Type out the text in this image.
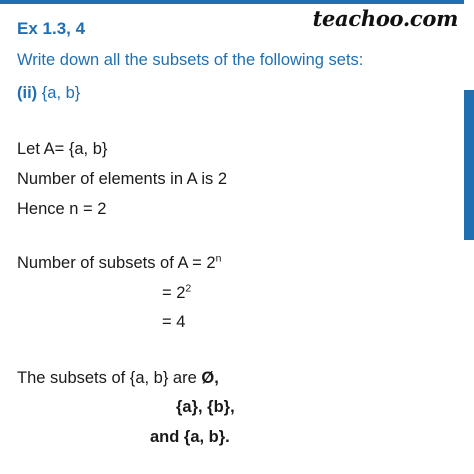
teachoo.com
Ex 1.3, 4
Write down all the subsets of the following sets:
(ii) {a, b}
Let A= {a, b}
Number of elements in A is 2
Hence n = 2
Number of subsets of $A = 2^n$
= $2^2$
= 4
The subsets of {a, b} are Ø,
{a}, {b},
and {a, b}.
